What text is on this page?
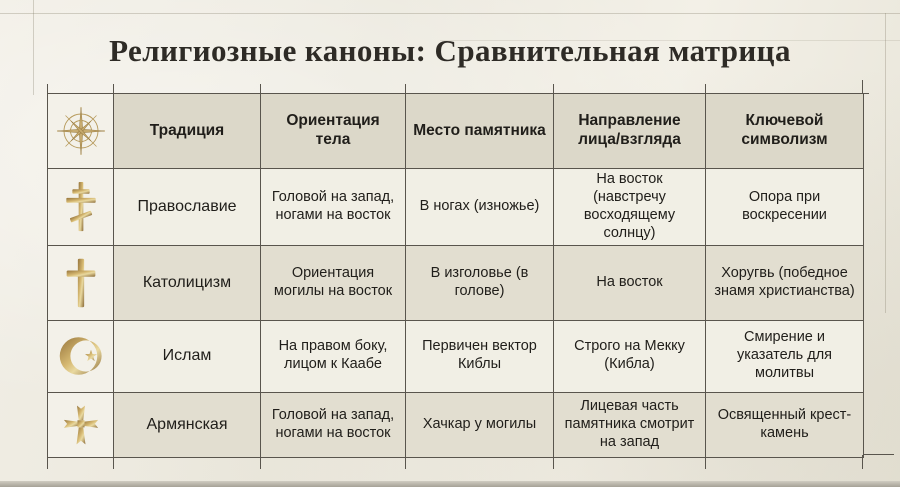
Религиозные каноны: Сравнительная матрица
	Традиция	Ориентация тела	Место памятника	Направление лица/взгляда	Ключевой символизм

	Православие	Головой на запад, ногами на восток	В ногах (изножье)	На восток (навстречу восходящему солнцу)	Опора при воскресении

	Католицизм	Ориентация могилы на восток	В изголовье (в голове)	На восток	Хоругвь (победное знамя христианства)

	Ислам	На правом боку, лицом к Каабе	Первичен вектор Киблы	Строго на Мекку (Кибла)	Смирение и указатель для молитвы

	Армянская	Головой на запад, ногами на восток	Хачкар у могилы	Лицевая часть памятника смотрит на запад	Освященный крест-камень
